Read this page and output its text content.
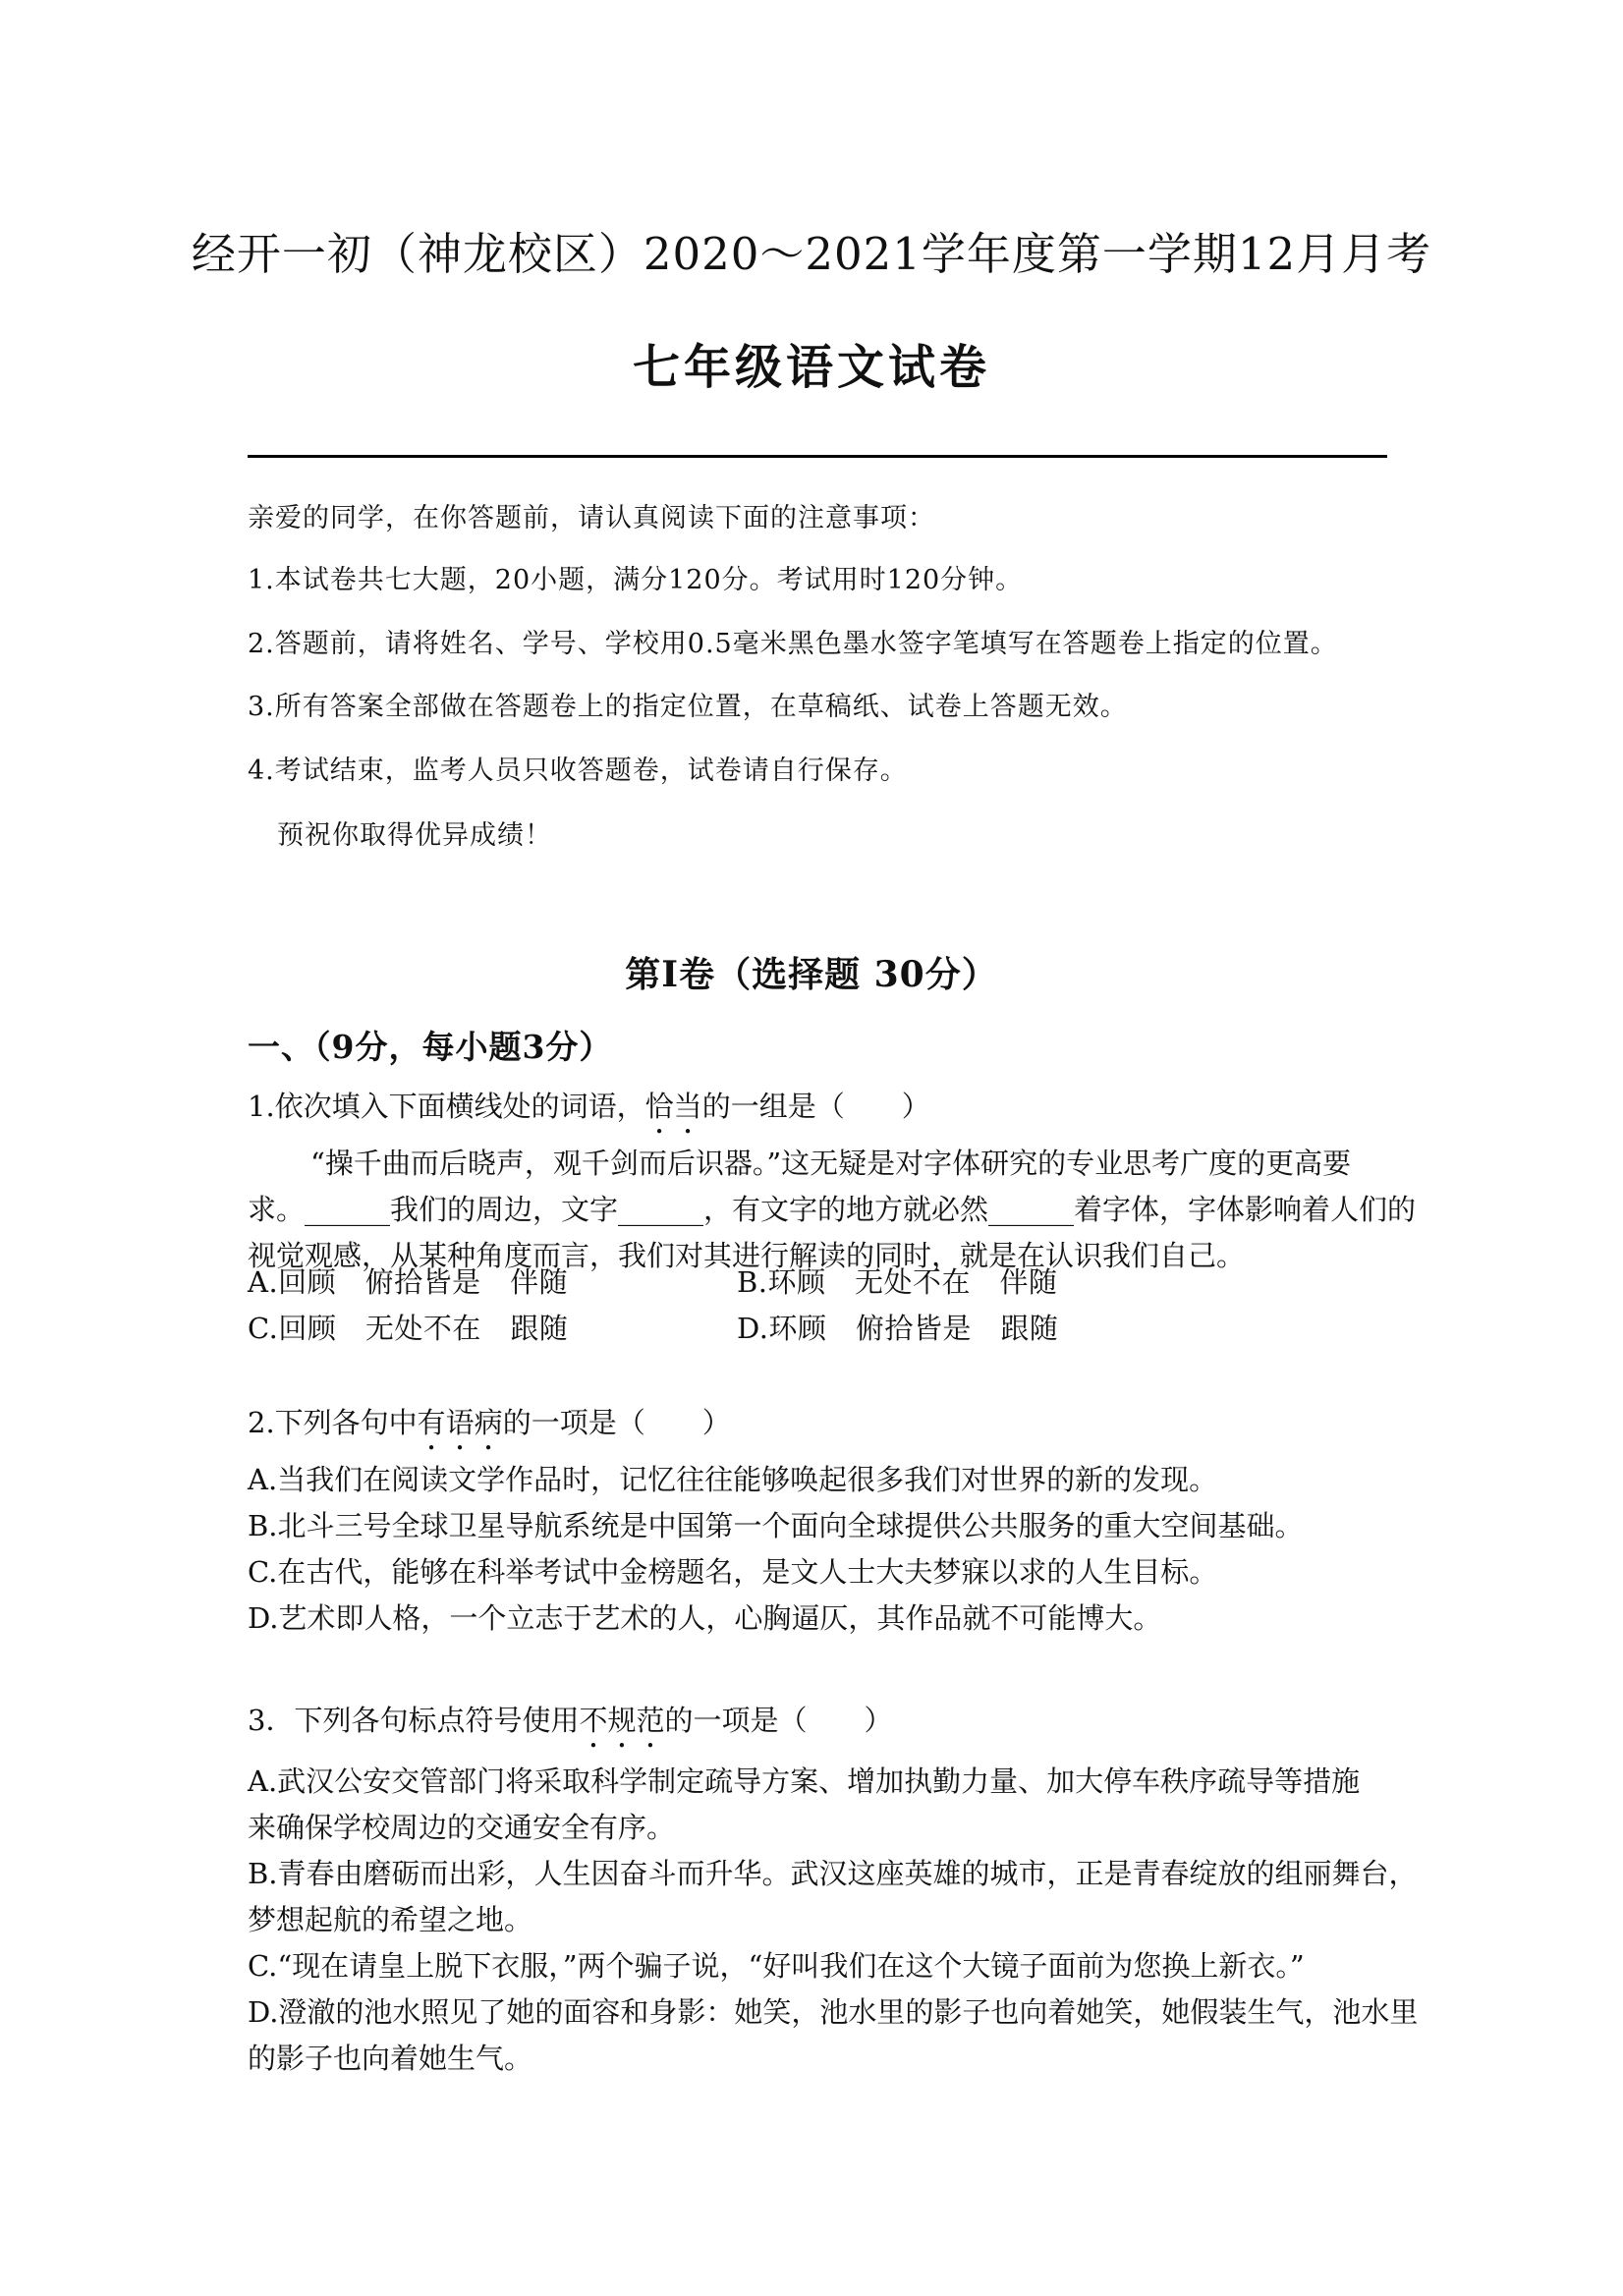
经开一初（神龙校区）2020～2021学年度第一学期12月月考
七年级语文试卷
亲爱的同学，在你答题前，请认真阅读下面的注意事项：
1.本试卷共七大题，20小题，满分120分。考试用时120分钟。
2.答题前，请将姓名、学号、学校用0.5毫米黑色墨水签字笔填写在答题卷上指定的位置。
3.所有答案全部做在答题卷上的指定位置，在草稿纸、试卷上答题无效。
4.考试结束，监考人员只收答题卷，试卷请自行保存。
预祝你取得优异成绩！
第Ⅰ卷（选择题 30分）
一、（9分，每小题3分）
1.依次填入下面横线处的词语，恰当的一组是（　　）
“操千曲而后晓声，观千剑而后识器。”这无疑是对字体研究的专业思考广度的更高要
求。______我们的周边，文字______，有文字的地方就必然______着字体，字体影响着人们的
视觉观感，从某种角度而言，我们对其进行解读的同时，就是在认识我们自己。
A.回顾　俯拾皆是　伴随	B.环顾　无处不在　伴随
C.回顾　无处不在　跟随	D.环顾　俯拾皆是　跟随
2.下列各句中有语病的一项是（　　）
A.当我们在阅读文学作品时，记忆往往能够唤起很多我们对世界的新的发现。
B.北斗三号全球卫星导航系统是中国第一个面向全球提供公共服务的重大空间基础。
C.在古代，能够在科举考试中金榜题名，是文人士大夫梦寐以求的人生目标。
D.艺术即人格，一个立志于艺术的人，心胸逼仄，其作品就不可能博大。
3．下列各句标点符号使用不规范的一项是（　　）
A.武汉公安交管部门将采取科学制定疏导方案、增加执勤力量、加大停车秩序疏导等措施
来确保学校周边的交通安全有序。
B.青春由磨砺而出彩，人生因奋斗而升华。武汉这座英雄的城市，正是青春绽放的组丽舞台，
梦想起航的希望之地。
C.“现在请皇上脱下衣服，”两个骗子说，“好叫我们在这个大镜子面前为您换上新衣。”
D.澄澈的池水照见了她的面容和身影：她笑，池水里的影子也向着她笑，她假装生气，池水里
的影子也向着她生气。
